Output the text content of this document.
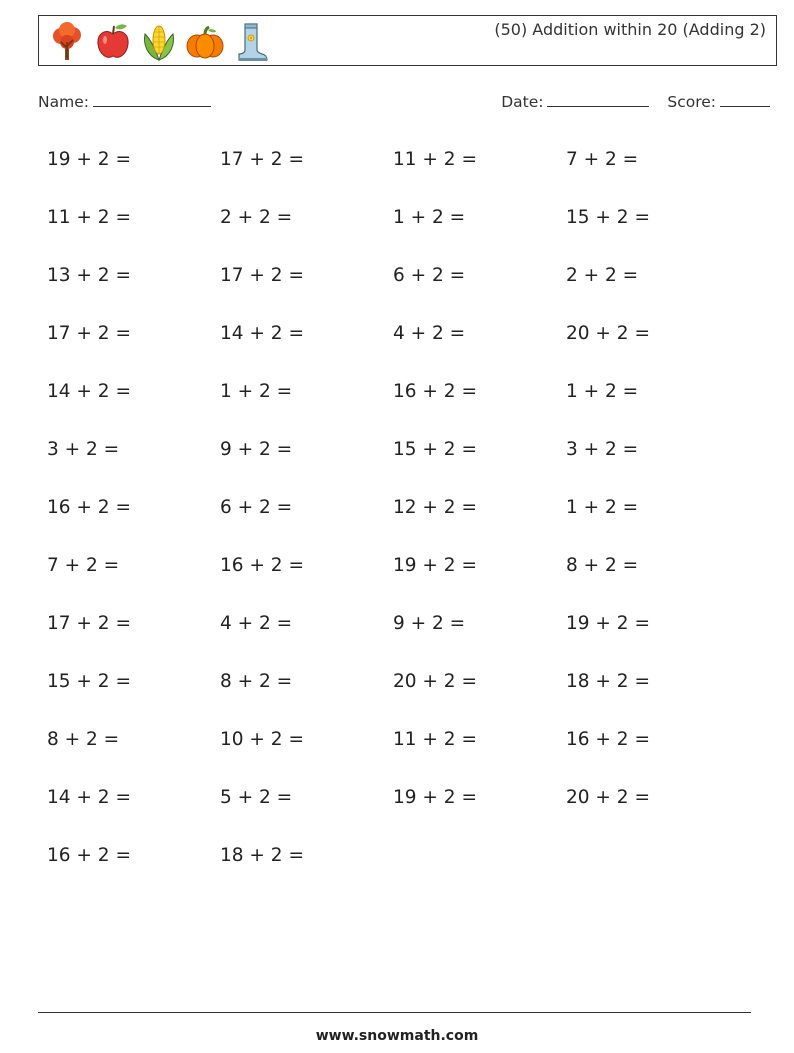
(50) Addition within 20 (Adding 2)
Name:	Date:	Score:
19 + 2 =	17 + 2 =	11 + 2 =	7 + 2 =
11 + 2 =	2 + 2 =	1 + 2 =	15 + 2 =
13 + 2 =	17 + 2 =	6 + 2 =	2 + 2 =
17 + 2 =	14 + 2 =	4 + 2 =	20 + 2 =
14 + 2 =	1 + 2 =	16 + 2 =	1 + 2 =
3 + 2 =	9 + 2 =	15 + 2 =	3 + 2 =
16 + 2 =	6 + 2 =	12 + 2 =	1 + 2 =
7 + 2 =	16 + 2 =	19 + 2 =	8 + 2 =
17 + 2 =	4 + 2 =	9 + 2 =	19 + 2 =
15 + 2 =	8 + 2 =	20 + 2 =	18 + 2 =
8 + 2 =	10 + 2 =	11 + 2 =	16 + 2 =
14 + 2 =	5 + 2 =	19 + 2 =	20 + 2 =
16 + 2 =	18 + 2 =
www.snowmath.com
